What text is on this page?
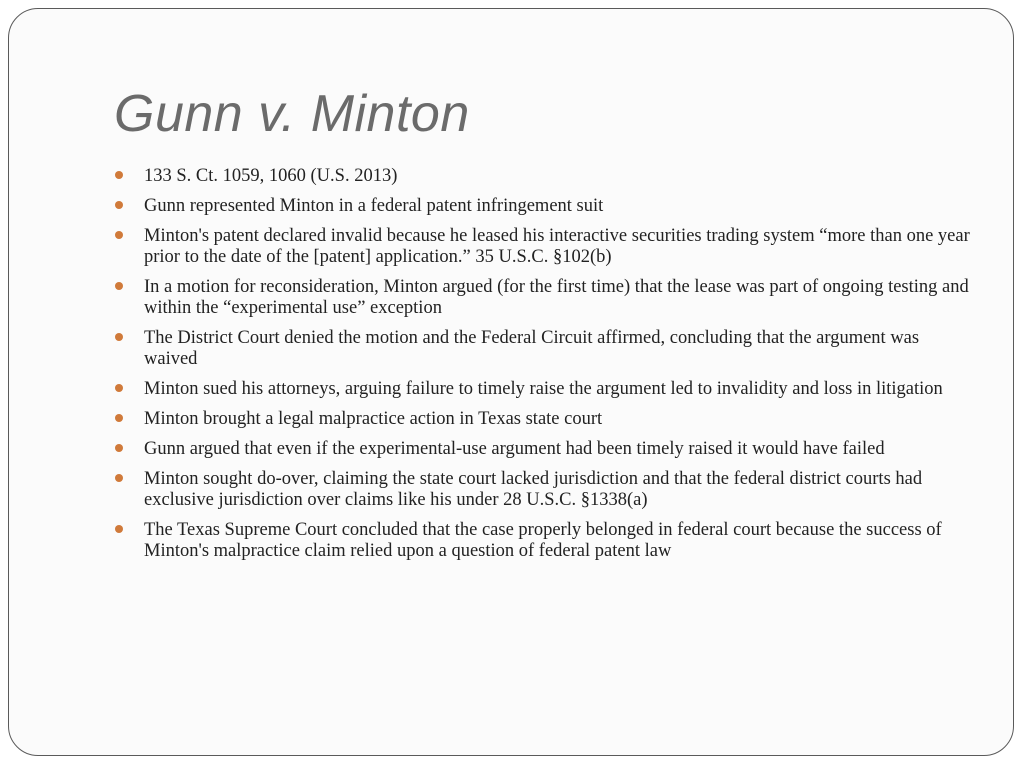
Gunn v. Minton
133 S. Ct. 1059, 1060 (U.S. 2013)
Gunn represented Minton in a federal patent infringement suit
Minton's patent declared invalid because he leased his interactive securities trading system “more than one year prior to the date of the [patent] application.” 35 U.S.C. §102(b)
In a motion for reconsideration, Minton argued (for the first time) that the lease was part of ongoing testing and within the “experimental use” exception
The District Court denied the motion and the Federal Circuit affirmed, concluding that the argument was waived
Minton sued his attorneys, arguing failure to timely raise the argument led to invalidity and loss in litigation
Minton brought a legal malpractice action in Texas state court
Gunn argued that even if the experimental-use argument had been timely raised it would have failed
Minton sought do-over, claiming the state court lacked jurisdiction and that the federal district courts had exclusive jurisdiction over claims like his under 28 U.S.C. §1338(a)
The Texas Supreme Court concluded that the case properly belonged in federal court because the success of Minton's malpractice claim relied upon a question of federal patent law
